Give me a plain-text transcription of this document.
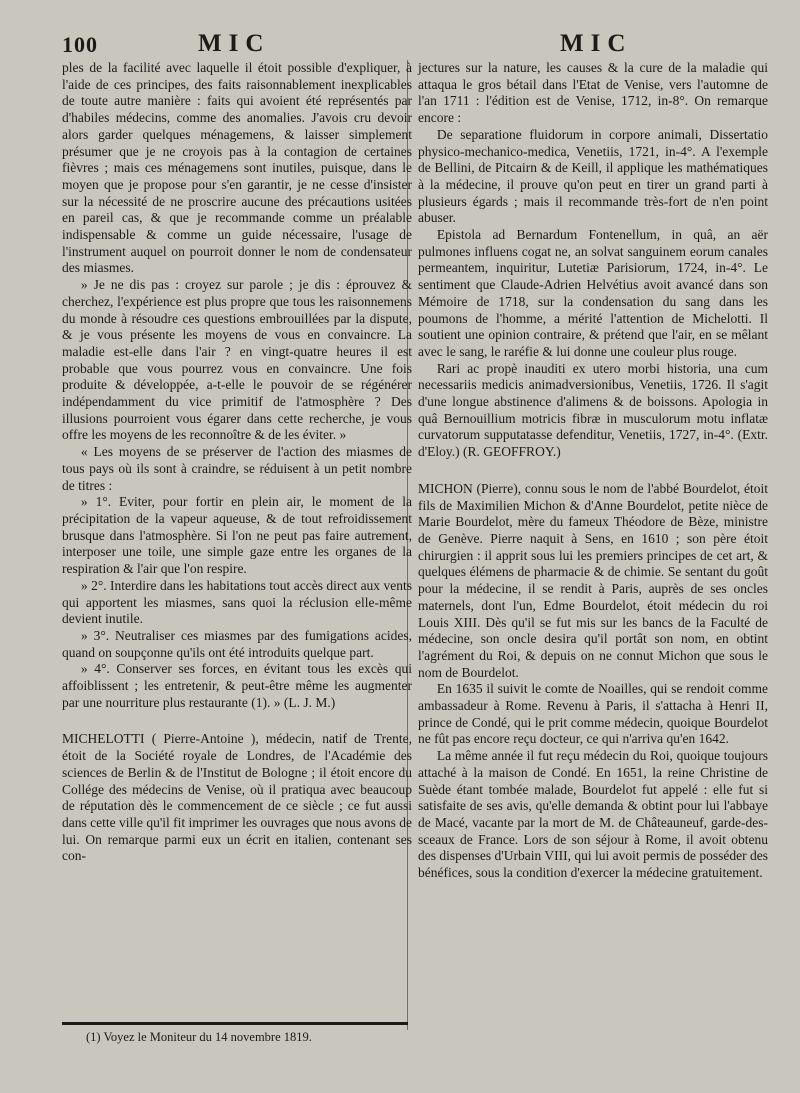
100	MIC	MIC

ples de la facilité avec laquelle il étoit possible d'expliquer, à l'aide de ces principes, des faits raisonnablement inexplicables de toute autre manière : faits qui avoient été représentés par d'habiles médecins, comme des anomalies. J'avois cru devoir alors garder quelques ménagemens, & laisser simplement présumer que je ne croyois pas à la contagion de certaines fièvres ; mais ces ménagemens sont inutiles, puisque, dans le moyen que je propose pour s'en garantir, je ne cesse d'insister sur la nécessité de ne proscrire aucune des précautions usitées en pareil cas, & que je recommande comme un préalable indispensable & comme un guide nécessaire, l'usage de l'instrument auquel on pourroit donner le nom de condensateur des miasmes.

» Je ne dis pas : croyez sur parole ; je dis : éprouvez & cherchez, l'expérience est plus propre que tous les raisonnemens du monde à résoudre ces questions embrouillées par la dispute, & je vous présente les moyens de vous en convaincre. La maladie est-elle dans l'air ? en vingt-quatre heures il est probable que vous pourrez vous en convaincre. Une fois produite & développée, a-t-elle le pouvoir de se régénérer indépendamment du vice primitif de l'atmosphère ? Des illusions pourroient vous égarer dans cette recherche, je vous offre les moyens de les reconnoître & de les éviter. »

« Les moyens de se préserver de l'action des miasmes de tous pays où ils sont à craindre, se réduisent à un petit nombre de titres :

» 1°. Eviter, pour fortir en plein air, le moment de la précipitation de la vapeur aqueuse, & de tout refroidissement brusque dans l'atmosphère. Si l'on ne peut pas faire autrement, interposer une toile, une simple gaze entre les organes de la respiration & l'air que l'on respire.

» 2°. Interdire dans les habitations tout accès direct aux vents qui apportent les miasmes, sans quoi la réclusion elle-même devient inutile.

» 3°. Neutraliser ces miasmes par des fumigations acides, quand on soupçonne qu'ils ont été introduits quelque part.

» 4°. Conserver ses forces, en évitant tous les excès qui affoiblissent ; les entretenir, & peut-être même les augmenter par une nourriture plus restaurante (1). » (L. J. M.)

MICHELOTTI ( Pierre-Antoine ), médecin, natif de Trente, étoit de la Société royale de Londres, de l'Académie des sciences de Berlin & de l'Institut de Bologne ; il étoit encore du Collége des médecins de Venise, où il pratiqua avec beaucoup de réputation dès le commencement de ce siècle ; ce fut aussi dans cette ville qu'il fit imprimer les ouvrages que nous avons de lui. On remarque parmi eux un écrit en italien, contenant ses con-

jectures sur la nature, les causes & la cure de la maladie qui attaqua le gros bétail dans l'Etat de Venise, vers l'automne de l'an 1711 : l'édition est de Venise, 1712, in-8°. On remarque encore :

De separatione fluidorum in corpore animali, Dissertatio physico-mechanico-medica, Venetiis, 1721, in-4°. A l'exemple de Bellini, de Pitcairn & de Keill, il applique les mathématiques à la médecine, il prouve qu'on peut en tirer un grand parti à plusieurs égards ; mais il recommande très-fort de n'en point abuser.

Epistola ad Bernardum Fontenellum, in quâ, an aër pulmones influens cogat ne, an solvat sanguinem eorum canales permeantem, inquiritur, Lutetiæ Parisiorum, 1724, in-4°. Le sentiment que Claude-Adrien Helvétius avoit avancé dans son Mémoire de 1718, sur la condensation du sang dans les poumons de l'homme, a mérité l'attention de Michelotti. Il soutient une opinion contraire, & prétend que l'air, en se mêlant avec le sang, le raréfie & lui donne une couleur plus rouge.

Rari ac propè inauditi ex utero morbi historia, una cum necessariis medicis animadversionibus, Venetiis, 1726. Il s'agit d'une longue abstinence d'alimens & de boissons. Apologia in quâ Bernouillium motricis fibræ in musculorum motu inflatæ curvatorum supputatasse defenditur, Venetiis, 1727, in-4°. (Extr. d'Eloy.) (R. GEOFFROY.)

MICHON (Pierre), connu sous le nom de l'abbé Bourdelot, étoit fils de Maximilien Michon & d'Anne Bourdelot, petite nièce de Marie Bourdelot, mère du fameux Théodore de Bèze, ministre de Genève. Pierre naquit à Sens, en 1610 ; son père étoit chirurgien : il apprit sous lui les premiers principes de cet art, & quelques élémens de pharmacie & de chimie. Se sentant du goût pour la médecine, il se rendit à Paris, auprès de ses oncles maternels, dont l'un, Edme Bourdelot, étoit médecin du roi Louis XIII. Dès qu'il se fut mis sur les bancs de la Faculté de médecine, son oncle desira qu'il portât son nom, en obtint l'agrément du Roi, & depuis on ne connut Michon que sous le nom de Bourdelot.

En 1635 il suivit le comte de Noailles, qui se rendoit comme ambassadeur à Rome. Revenu à Paris, il s'attacha à Henri II, prince de Condé, qui le prit comme médecin, quoique Bourdelot ne fût pas encore reçu docteur, ce qui n'arriva qu'en 1642.

La même année il fut reçu médecin du Roi, quoique toujours attaché à la maison de Condé. En 1651, la reine Christine de Suède étant tombée malade, Bourdelot fut appelé : elle fut si satisfaite de ses avis, qu'elle demanda & obtint pour lui l'abbaye de Macé, vacante par la mort de M. de Châteauneuf, garde-des-sceaux de France. Lors de son séjour à Rome, il avoit obtenu des dispenses d'Urbain VIII, qui lui avoit permis de posséder des bénéfices, sous la condition d'exercer la médecine gratuitement.

(1) Voyez le Moniteur du 14 novembre 1819.
